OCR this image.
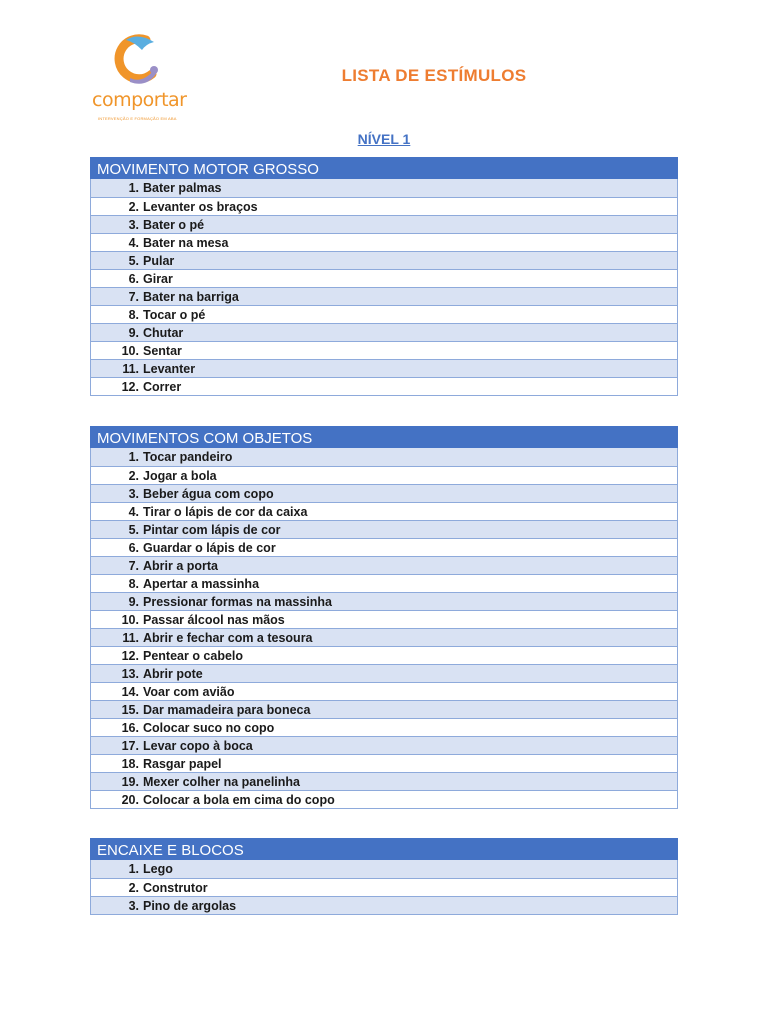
comportar
INTERVENÇÃO E FORMAÇÃO EM ABA
LISTA DE ESTÍMULOS
NÍVEL 1
MOVIMENTO MOTOR GROSSO
1. Bater palmas
2. Levanter os braços
3. Bater o pé
4. Bater na mesa
5. Pular
6. Girar
7. Bater na barriga
8. Tocar o pé
9. Chutar
10. Sentar
11. Levanter
12. Correr
MOVIMENTOS COM OBJETOS
1. Tocar pandeiro
2. Jogar a bola
3. Beber água com copo
4. Tirar o lápis de cor da caixa
5. Pintar com lápis de cor
6. Guardar o lápis de cor
7. Abrir a porta
8. Apertar a massinha
9. Pressionar formas na massinha
10. Passar álcool nas mãos
11. Abrir e fechar com a tesoura
12. Pentear o cabelo
13. Abrir pote
14. Voar com avião
15. Dar mamadeira para boneca
16. Colocar suco no copo
17. Levar copo à boca
18. Rasgar papel
19. Mexer colher na panelinha
20. Colocar a bola em cima do copo
ENCAIXE E BLOCOS
1. Lego
2. Construtor
3. Pino de argolas
